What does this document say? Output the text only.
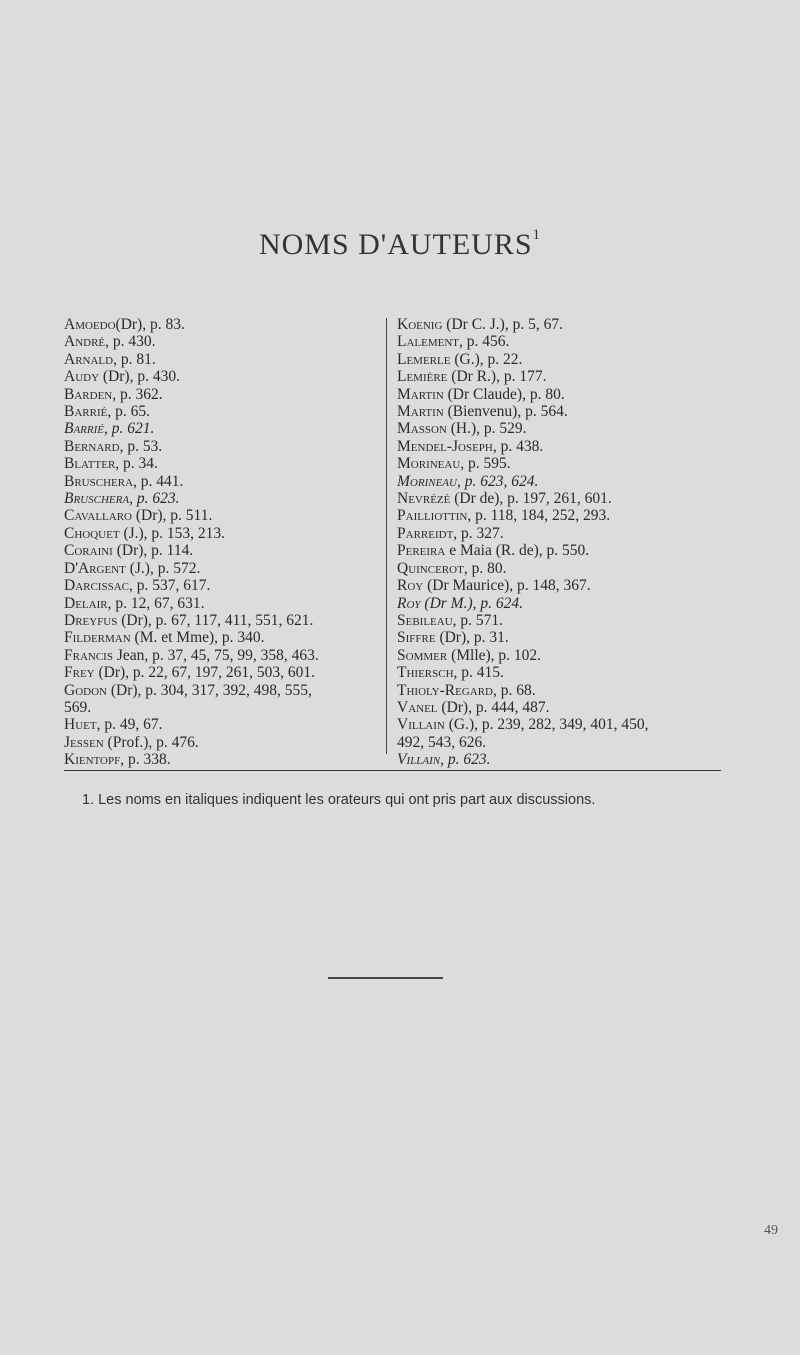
NOMS D'AUTEURS$^1$
Amoedo(Dr), p. 83.
André, p. 430.
Arnald, p. 81.
Audy (Dr), p. 430.
Barden, p. 362.
Barrié, p. 65.
Barrié, p. 621.
Bernard, p. 53.
Blatter, p. 34.
Bruschera, p. 441.
Bruschera, p. 623.
Cavallaro (Dr), p. 511.
Choquet (J.), p. 153, 213.
Coraini (Dr), p. 114.
D'Argent (J.), p. 572.
Darcissac, p. 537, 617.
Delair, p. 12, 67, 631.
Dreyfus (Dr), p. 67, 117, 411, 551, 621.
Filderman (M. et Mme), p. 340.
Francis Jean, p. 37, 45, 75, 99, 358, 463.
Frey (Dr), p. 22, 67, 197, 261, 503, 601.
Godon (Dr), p. 304, 317, 392, 498, 555,
569.
Huet, p. 49, 67.
Jessen (Prof.), p. 476.
Kientopf, p. 338.
Koenig (Dr C. J.), p. 5, 67.
Lalement, p. 456.
Lemerle (G.), p. 22.
Lemière (Dr R.), p. 177.
Martin (Dr Claude), p. 80.
Martin (Bienvenu), p. 564.
Masson (H.), p. 529.
Mendel-Joseph, p. 438.
Morineau, p. 595.
Morineau, p. 623, 624.
Nevrézé (Dr de), p. 197, 261, 601.
Pailliottin, p. 118, 184, 252, 293.
Parreidt, p. 327.
Pereira e Maia (R. de), p. 550.
Quincerot, p. 80.
Roy (Dr Maurice), p. 148, 367.
Roy (Dr M.), p. 624.
Sebileau, p. 571.
Siffre (Dr), p. 31.
Sommer (Mlle), p. 102.
Thiersch, p. 415.
Thioly-Regard, p. 68.
Vanel (Dr), p. 444, 487.
Villain (G.), p. 239, 282, 349, 401, 450,
492, 543, 626.
Villain, p. 623.
1. Les noms en italiques indiquent les orateurs qui ont pris part aux discussions.
49
